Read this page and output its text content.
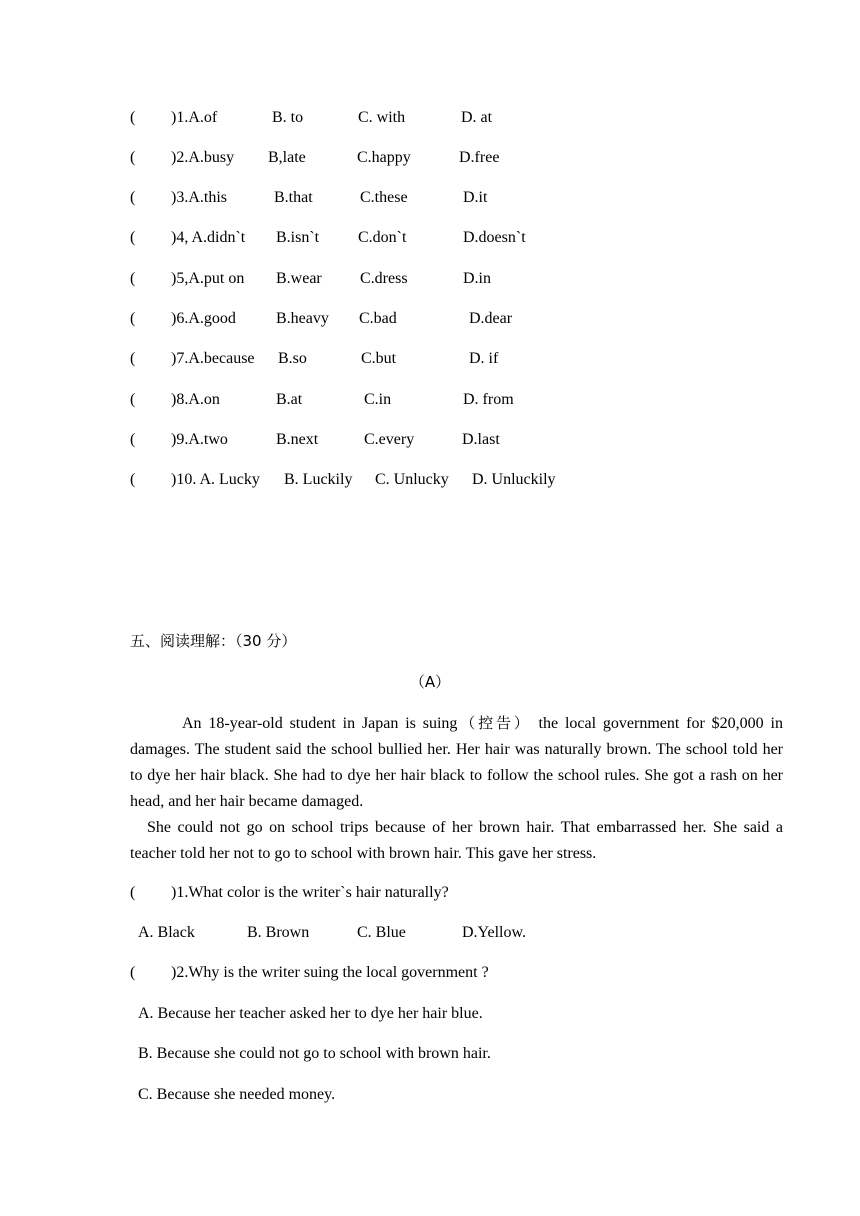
( )1.A.of	B. to	C. with	D. at
( )2.A.busy B,late	C.happy	D.free
( )3.A.this	B.that	C.these	D.it
( )4, A.didn`t B.isn`t C.don`t	D.doesn`t
( )5,A.put on B.wear C.dress	D.in
( )6.A.good	B.heavy C.bad	D.dear
( )7.A.because B.so	C.but	D. if
( )8.A.on	B.at	C.in	D. from
( )9.A.two	B.next	C.every	D.last
( )10. A. Lucky B. Luckily C. Unlucky D. Unluckily
五、阅读理解：（30 分）
（A）

An 18-year-old student in Japan is suing（控告） the local government for $20,000 in damages. The student said the school bullied her. Her hair was naturally brown. The school told her to dye her hair black. She had to dye her hair black to follow the school rules. She got a rash on her head, and her hair became damaged.

She could not go on school trips because of her brown hair. That embarrassed her. She said a teacher told her not to go to school with brown hair. This gave her stress.

( )1.What color is the writer`s hair naturally?
A. Black	B. Brown	C. Blue	D.Yellow.
( )2.Why is the writer suing the local government ?
A. Because her teacher asked her to dye her hair blue.
B. Because she could not go to school with brown hair.
C. Because she needed money.
